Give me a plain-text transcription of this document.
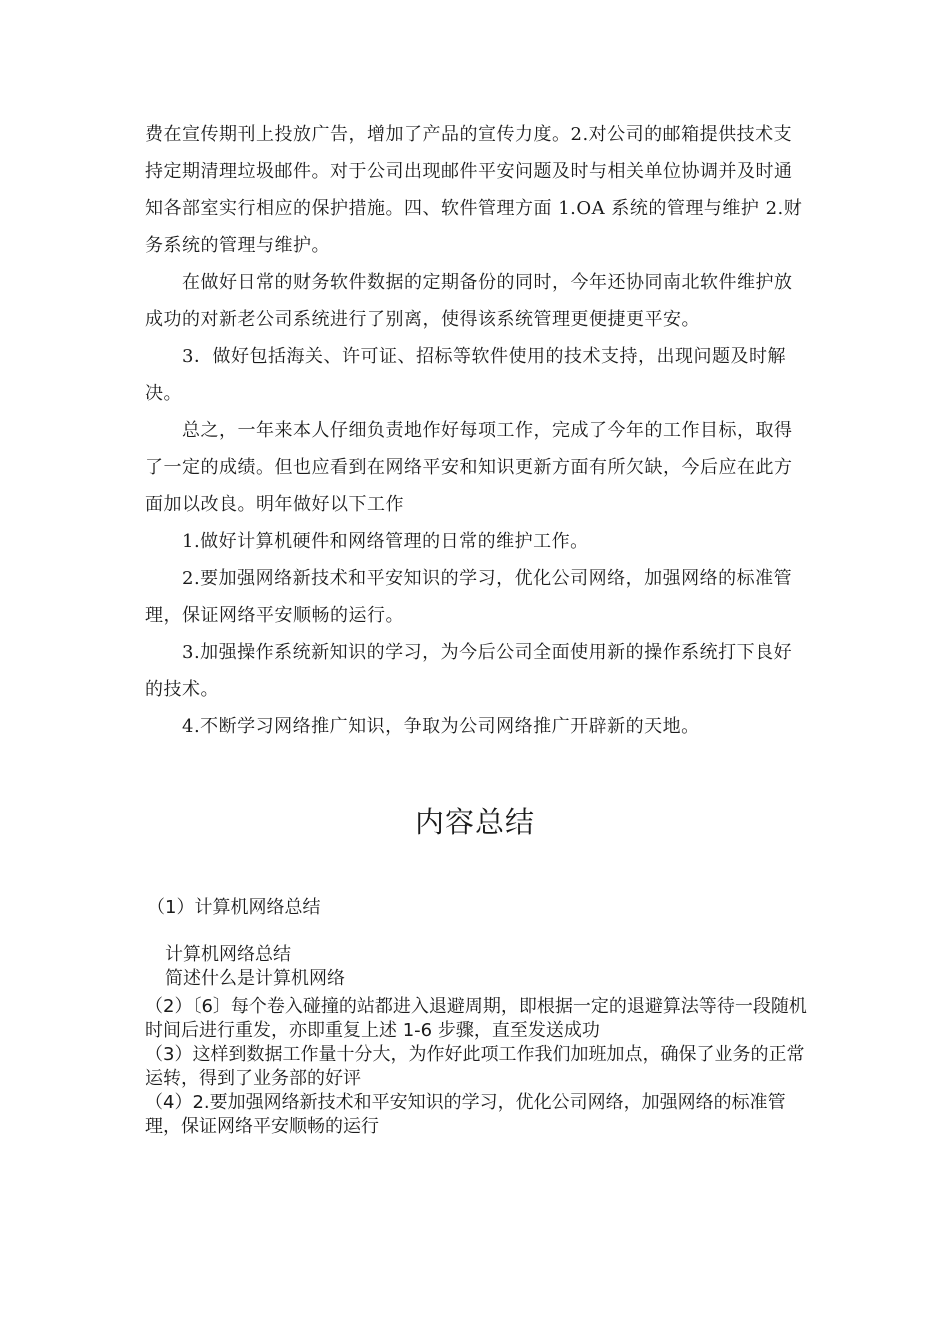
费在宣传期刊上投放广告，增加了产品的宣传力度。2.对公司的邮箱提供技术支持定期清理垃圾邮件。对于公司出现邮件平安问题及时与相关单位协调并及时通知各部室实行相应的保护措施。四、软件管理方面 1.OA 系统的管理与维护 2.财务系统的管理与维护。

在做好日常的财务软件数据的定期备份的同时，今年还协同南北软件维护放成功的对新老公司系统进行了别离，使得该系统管理更便捷更平安。

3．做好包括海关、许可证、招标等软件使用的技术支持，出现问题及时解决。

总之，一年来本人仔细负责地作好每项工作，完成了今年的工作目标，取得了一定的成绩。但也应看到在网络平安和知识更新方面有所欠缺，今后应在此方面加以改良。明年做好以下工作

1.做好计算机硬件和网络管理的日常的维护工作。

2.要加强网络新技术和平安知识的学习，优化公司网络，加强网络的标准管理，保证网络平安顺畅的运行。

3.加强操作系统新知识的学习，为今后公司全面使用新的操作系统打下良好的技术。

4.不断学习网络推广知识，争取为公司网络推广开辟新的天地。

内容总结
（1）计算机网络总结
计算机网络总结
简述什么是计算机网络

（2）〔6〕每个卷入碰撞的站都进入退避周期，即根据一定的退避算法等待一段随机时间后进行重发，亦即重复上述 1-6 步骤，直至发送成功

（3）这样到数据工作量十分大，为作好此项工作我们加班加点，确保了业务的正常运转，得到了业务部的好评

（4）2.要加强网络新技术和平安知识的学习，优化公司网络，加强网络的标准管理，保证网络平安顺畅的运行
